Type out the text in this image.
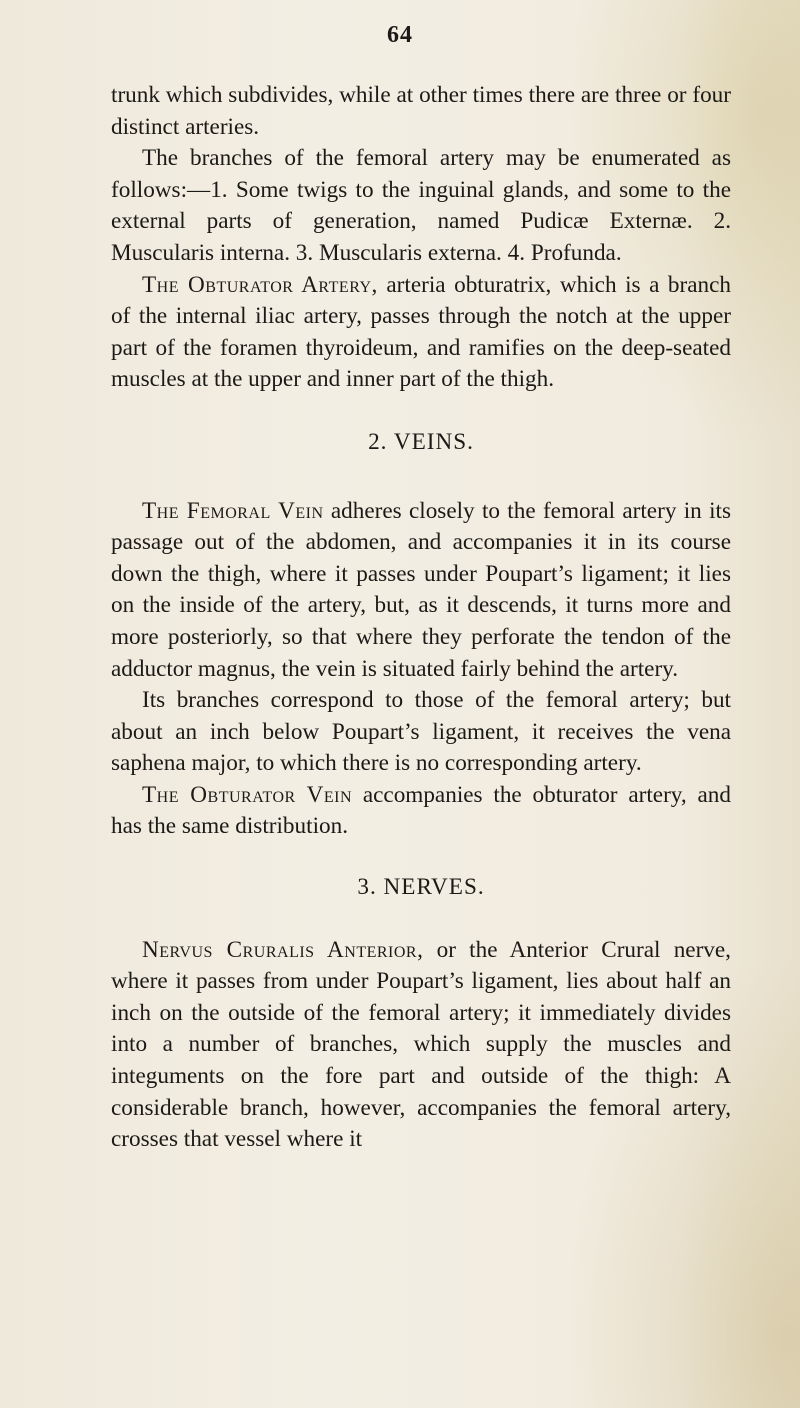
64

trunk which subdivides, while at other times there are three or four distinct arteries.

The branches of the femoral artery may be enumerated as follows:—1. Some twigs to the inguinal glands, and some to the external parts of generation, named Pudicæ Externæ. 2. Muscularis interna. 3. Muscularis externa. 4. Profunda.

The Obturator Artery, arteria obturatrix, which is a branch of the internal iliac artery, passes through the notch at the upper part of the foramen thyroideum, and ramifies on the deep-seated muscles at the upper and inner part of the thigh.

2. VEINS.

The Femoral Vein adheres closely to the femoral artery in its passage out of the abdomen, and accompanies it in its course down the thigh, where it passes under Poupart’s ligament; it lies on the inside of the artery, but, as it descends, it turns more and more posteriorly, so that where they perforate the tendon of the adductor magnus, the vein is situated fairly behind the artery.

Its branches correspond to those of the femoral artery; but about an inch below Poupart’s ligament, it receives the vena saphena major, to which there is no corresponding artery.

The Obturator Vein accompanies the obturator artery, and has the same distribution.

3. NERVES.

Nervus Cruralis Anterior, or the Anterior Crural nerve, where it passes from under Poupart’s ligament, lies about half an inch on the outside of the femoral artery; it immediately divides into a number of branches, which supply the muscles and integuments on the fore part and outside of the thigh: A considerable branch, however, accompanies the femoral artery, crosses that vessel where it
